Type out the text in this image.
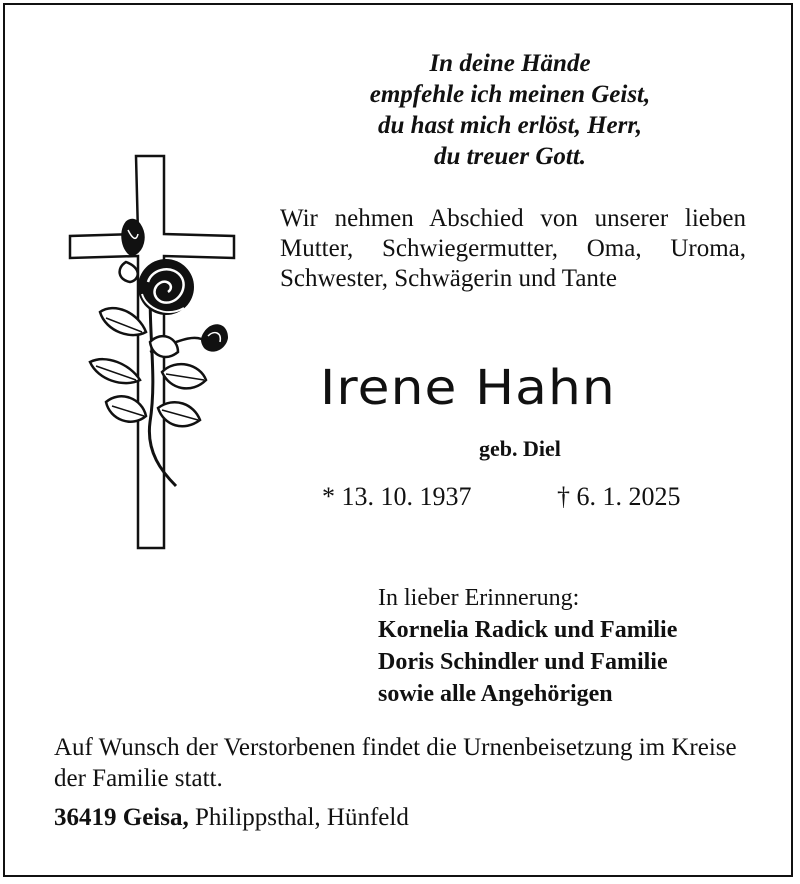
In deine Hände
empfehle ich meinen Geist,
du hast mich erlöst, Herr,
du treuer Gott.
Wir nehmen Abschied von unserer lieben Mutter, Schwiegermutter, Oma, Uroma, Schwester, Schwägerin und Tante
Irene Hahn
geb. Diel
* 13. 10. 1937	† 6. 1. 2025
In lieber Erinnerung:
Kornelia Radick und Familie
Doris Schindler und Familie
sowie alle Angehörigen
Auf Wunsch der Verstorbenen findet die Urnenbeisetzung im Kreise der Familie statt.
36419 Geisa, Philippsthal, Hünfeld
